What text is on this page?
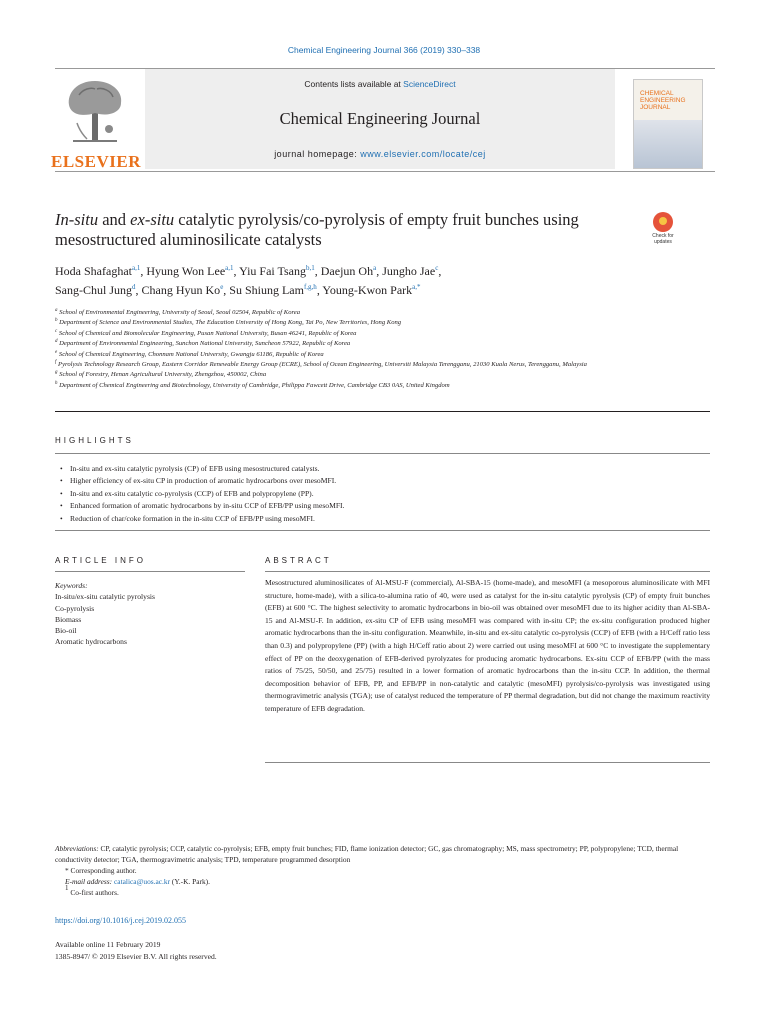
Chemical Engineering Journal 366 (2019) 330–338
ELSEVIER
Contents lists available at ScienceDirect
Chemical Engineering Journal
journal homepage: www.elsevier.com/locate/cej
CHEMICAL ENGINEERING JOURNAL
In-situ and ex-situ catalytic pyrolysis/co-pyrolysis of empty fruit bunches using mesostructured aluminosilicate catalysts	Check for updates
Hoda Shafaghat$^{a,1}$, Hyung Won Lee$^{a,1}$, Yiu Fai Tsang$^{b,1}$, Daejun Oh$^a$, Jungho Jae$^c$,
Sang-Chul Jung$^d$, Chang Hyun Ko$^e$, Su Shiung Lam$^{f,g,h}$, Young-Kwon Park$^{a,*}$
$^a$ School of Environmental Engineering, University of Seoul, Seoul 02504, Republic of Korea
$^b$ Department of Science and Environmental Studies, The Education University of Hong Kong, Tai Po, New Territories, Hong Kong
$^c$ School of Chemical and Biomolecular Engineering, Pusan National University, Busan 46241, Republic of Korea
$^d$ Department of Environmental Engineering, Sunchon National University, Suncheon 57922, Republic of Korea
$^e$ School of Chemical Engineering, Chonnam National University, Gwangju 61186, Republic of Korea
$^f$ Pyrolysis Technology Research Group, Eastern Corridor Renewable Energy Group (ECRE), School of Ocean Engineering, Universiti Malaysia Terengganu, 21030 Kuala Nerus, Terengganu, Malaysia
$^g$ School of Forestry, Henan Agricultural University, Zhengzhou, 450002, China
$^h$ Department of Chemical Engineering and Biotechnology, University of Cambridge, Philippa Fawcett Drive, Cambridge CB3 0AS, United Kingdom
HIGHLIGHTS
• In-situ and ex-situ catalytic pyrolysis (CP) of EFB using mesostructured catalysts.
• Higher efficiency of ex-situ CP in production of aromatic hydrocarbons over mesoMFI.
• In-situ and ex-situ catalytic co-pyrolysis (CCP) of EFB and polypropylene (PP).
• Enhanced formation of aromatic hydrocarbons by in-situ CCP of EFB/PP using mesoMFI.
• Reduction of char/coke formation in the in-situ CCP of EFB/PP using mesoMFI.
ARTICLE INFO	ABSTRACT
Keywords:
In-situ/ex-situ catalytic pyrolysis
Co-pyrolysis
Biomass
Bio-oil
Aromatic hydrocarbons
Mesostructured aluminosilicates of Al-MSU-F (commercial), Al-SBA-15 (home-made), and mesoMFI (a mesoporous aluminosilicate with MFI structure, home-made), with a silica-to-alumina ratio of 40, were used as catalyst for the in-situ catalytic pyrolysis (CP) of empty fruit bunches (EFB) at 600 °C. The highest selectivity to aromatic hydrocarbons in bio-oil was obtained over mesoMFI due to its higher acidity than Al-SBA-15 and Al-MSU-F. In addition, ex-situ CP of EFB using mesoMFI was compared with in-situ CP; the ex-situ configuration produced higher aromatic hydrocarbons than the in-situ configuration. Meanwhile, in-situ and ex-situ catalytic co-pyrolysis (CCP) of EFB (with a H/Ceff ratio less than 0.3) and polypropylene (PP) (with a high H/Ceff ratio about 2) were carried out using mesoMFI at 600 °C to investigate the supplementary effect of PP on the deoxygenation of EFB-derived pyrolyzates for producing aromatic hydrocarbons. Ex-situ CCP of EFB/PP (with the mass ratios of 75/25, 50/50, and 25/75) resulted in a lower formation of aromatic hydrocarbons than the in-situ CCP. In addition, the thermal decomposition behavior of EFB, PP, and EFB/PP in non-catalytic and catalytic (mesoMFI) pyrolysis/co-pyrolysis was investigated using thermogravimetric analysis (TGA); use of catalyst reduced the temperature of PP thermal degradation, but did not change the maximum reactivity temperature of EFB degradation.
Abbreviations: CP, catalytic pyrolysis; CCP, catalytic co-pyrolysis; EFB, empty fruit bunches; FID, flame ionization detector; GC, gas chromatography; MS, mass spectrometry; PP, polypropylene; TCD, thermal conductivity detector; TGA, thermogravimetric analysis; TPD, temperature programmed desorption
* Corresponding author.
E-mail address: catalica@uos.ac.kr (Y.-K. Park).
$^1$ Co-first authors.
https://doi.org/10.1016/j.cej.2019.02.055
Available online 11 February 2019
1385-8947/ © 2019 Elsevier B.V. All rights reserved.
